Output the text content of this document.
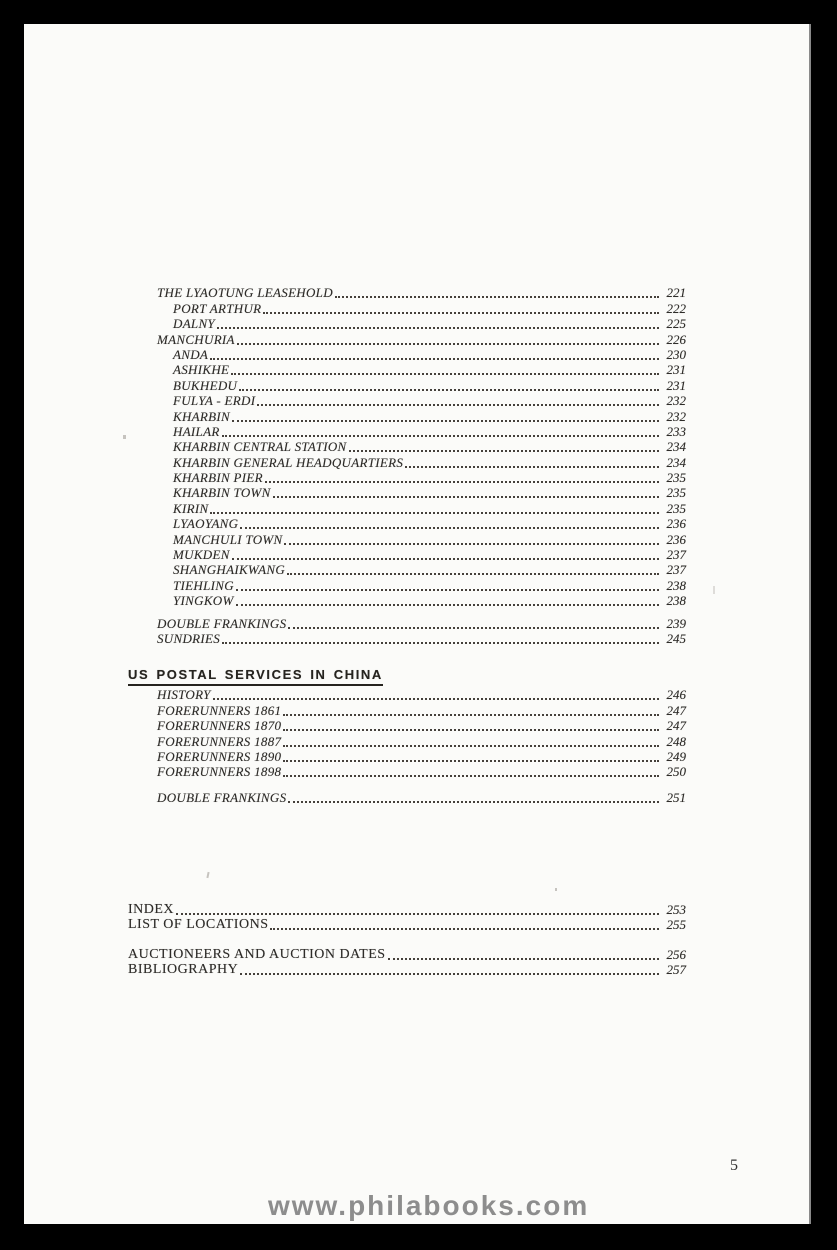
THE LYAOTUNG LEASEHOLD	221
PORT ARTHUR	222
DALNY	225
MANCHURIA	226
ANDA	230
ASHIKHE	231
BUKHEDU	231
FULYA - ERDI	232
KHARBIN	232
HAILAR	233
KHARBIN CENTRAL STATION	234
KHARBIN GENERAL HEADQUARTIERS	234
KHARBIN PIER	235
KHARBIN TOWN	235
KIRIN	235
LYAOYANG	236
MANCHULI TOWN	236
MUKDEN	237
SHANGHAIKWANG	237
TIEHLING	238
YINGKOW	238
DOUBLE FRANKINGS	239
SUNDRIES	245
US POSTAL SERVICES IN CHINA
HISTORY	246
FORERUNNERS 1861	247
FORERUNNERS 1870	247
FORERUNNERS 1887	248
FORERUNNERS 1890	249
FORERUNNERS 1898	250
DOUBLE FRANKINGS	251
INDEX	253
LIST OF LOCATIONS	255
AUCTIONEERS AND AUCTION DATES	256
BIBLIOGRAPHY	257
5
www.philabooks.com
